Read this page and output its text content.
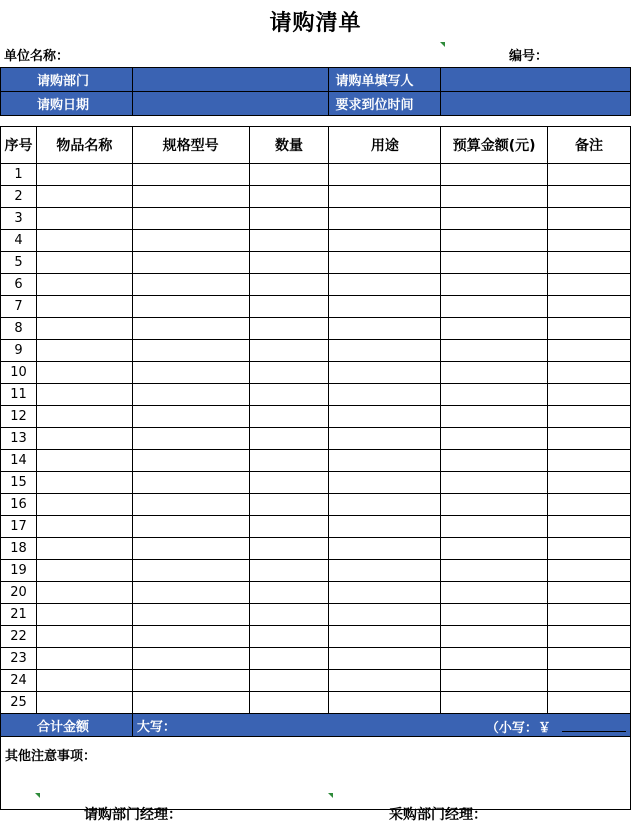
请购清单
单位名称：	编号：
请购部门		请购单填写人	
请购日期		要求到位时间	
序号	物品名称	规格型号	数量	用途	预算金额(元)	备注
1						
2						
3						
4						
5						
6						
7						
8						
9						
10						
11						
12						
13						
14						
15						
16						
17						
18						
19						
20						
21						
22						
23						
24						
25						
合计金额	大写：	（小写：￥
其他注意事项：
请购部门经理：	采购部门经理：
